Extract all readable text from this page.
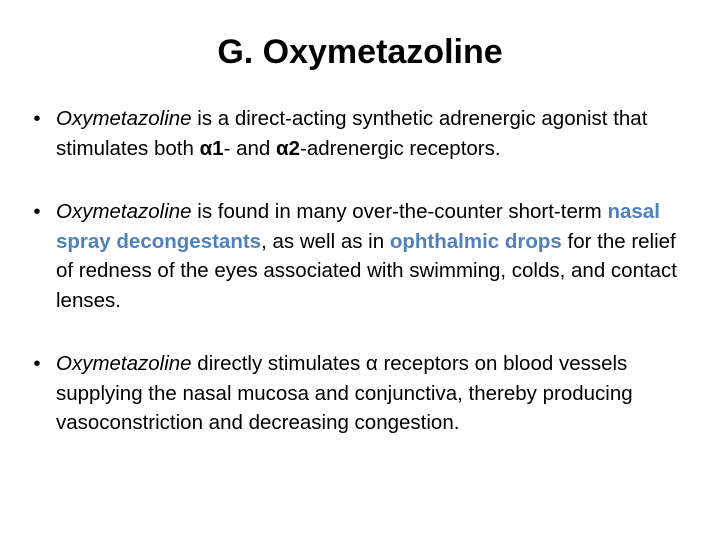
G. Oxymetazoline
• Oxymetazoline is a direct-acting synthetic adrenergic agonist that stimulates both α1- and α2-adrenergic receptors.
• Oxymetazoline is found in many over-the-counter short-term nasal spray decongestants, as well as in ophthalmic drops for the relief of redness of the eyes associated with swimming, colds, and contact lenses.
• Oxymetazoline directly stimulates α receptors on blood vessels supplying the nasal mucosa and conjunctiva, thereby producing vasoconstriction and decreasing congestion.
